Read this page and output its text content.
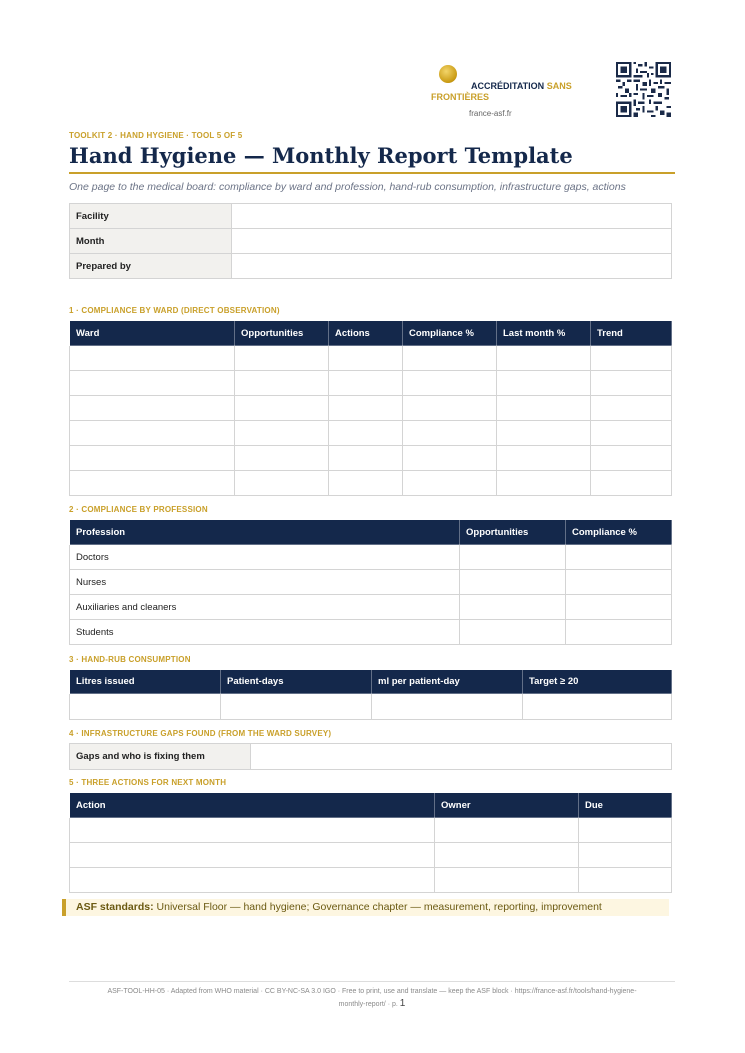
ACCRÉDITATION SANS
FRONTIÈRES
france-asf.fr
TOOLKIT 2 · HAND HYGIENE · TOOL 5 OF 5
Hand Hygiene — Monthly Report Template
One page to the medical board: compliance by ward and profession, hand-rub consumption, infrastructure gaps, actions
Facility	
Month	
Prepared by	
1 · COMPLIANCE BY WARD (DIRECT OBSERVATION)
Ward	Opportunities	Actions	Compliance %	Last month %	Trend

2 · COMPLIANCE BY PROFESSION
Profession	Opportunities	Compliance %
Doctors		
Nurses		
Auxiliaries and cleaners		
Students		
3 · HAND-RUB CONSUMPTION
Litres issued	Patient-days	ml per patient-day	Target ≥ 20

4 · INFRASTRUCTURE GAPS FOUND (FROM THE WARD SURVEY)
Gaps and who is fixing them	
5 · THREE ACTIONS FOR NEXT MONTH
Action	Owner	Due

ASF standards: Universal Floor — hand hygiene; Governance chapter — measurement, reporting, improvement
ASF-TOOL-HH-05 · Adapted from WHO material · CC BY-NC-SA 3.0 IGO · Free to print, use and translate — keep the ASF block · https://france-asf.fr/tools/hand-hygiene-
monthly-report/ · p. 1
